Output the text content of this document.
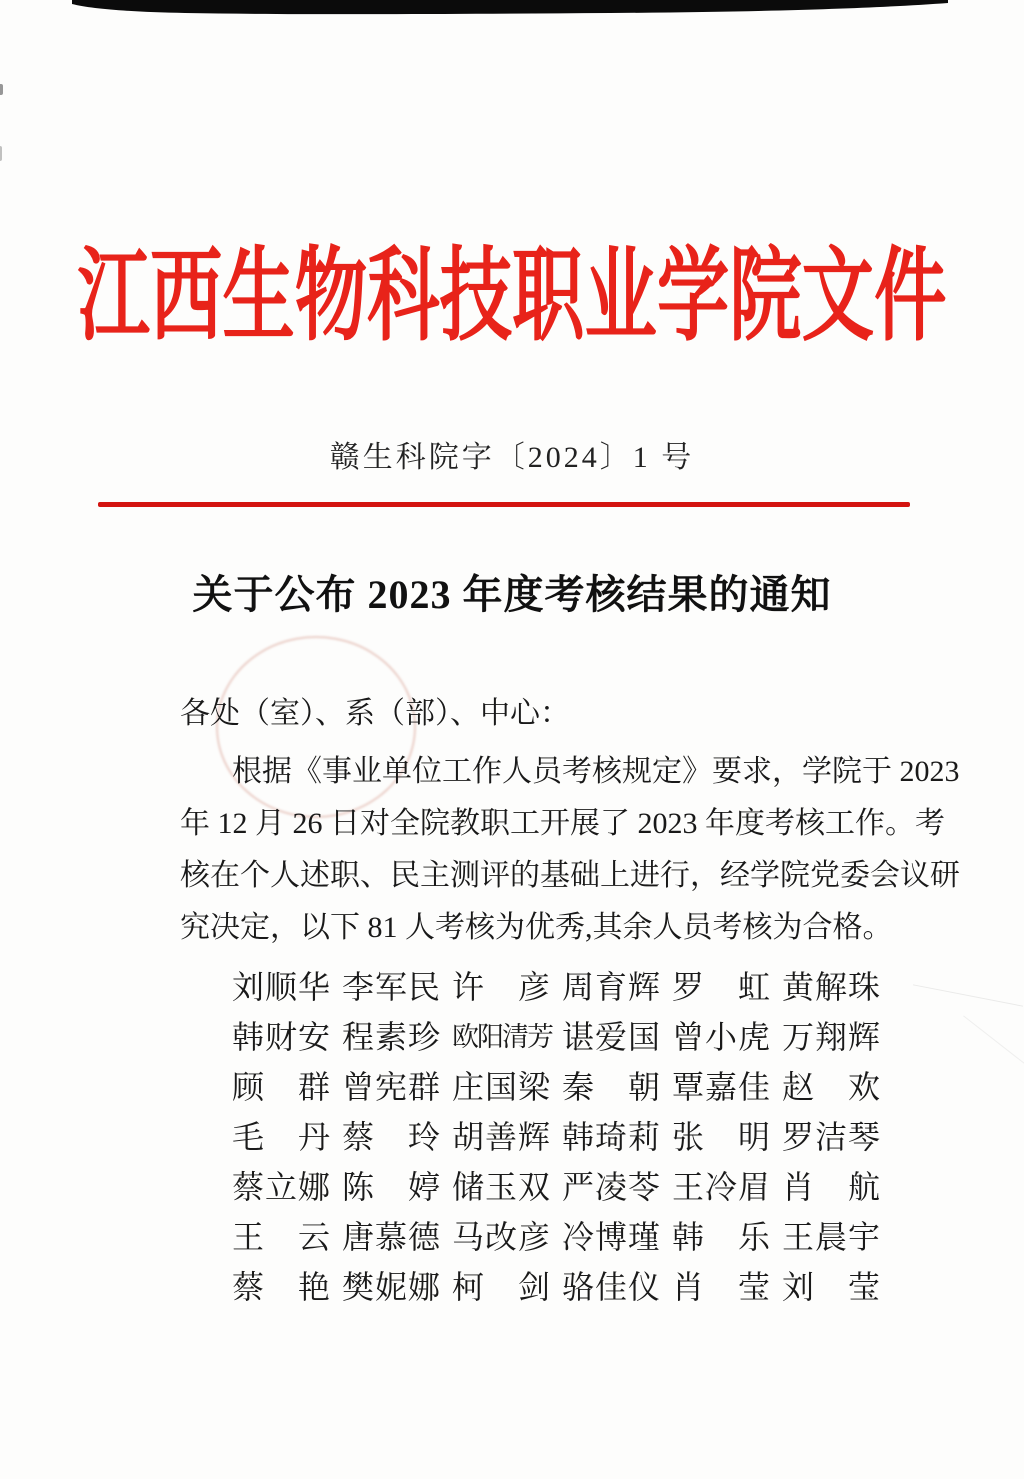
江西生物科技职业学院文件
赣生科院字〔2024〕1 号
关于公布 2023 年度考核结果的通知
各处（室）、系（部）、中心：
根据《事业单位工作人员考核规定》要求，学院于 2023
年 12 月 26 日对全院教职工开展了 2023 年度考核工作。考
核在个人述职、民主测评的基础上进行，经学院党委会议研
究决定，以下 81 人考核为优秀,其余人员考核为合格。
刘顺华 李军民 许　彦 周育辉 罗　虹 黄解珠
韩财安 程素珍 欧阳清芳 谌爱国 曾小虎 万翔辉
顾　群 曾宪群 庄国梁 秦　朝 覃嘉佳 赵　欢
毛　丹 蔡　玲 胡善辉 韩琦莉 张　明 罗洁琴
蔡立娜 陈　婷 储玉双 严凌苓 王冷眉 肖　航
王　云 唐慕德 马改彦 冷博瑾 韩　乐 王晨宇
蔡　艳 樊妮娜 柯　剑 骆佳仪 肖　莹 刘　莹
